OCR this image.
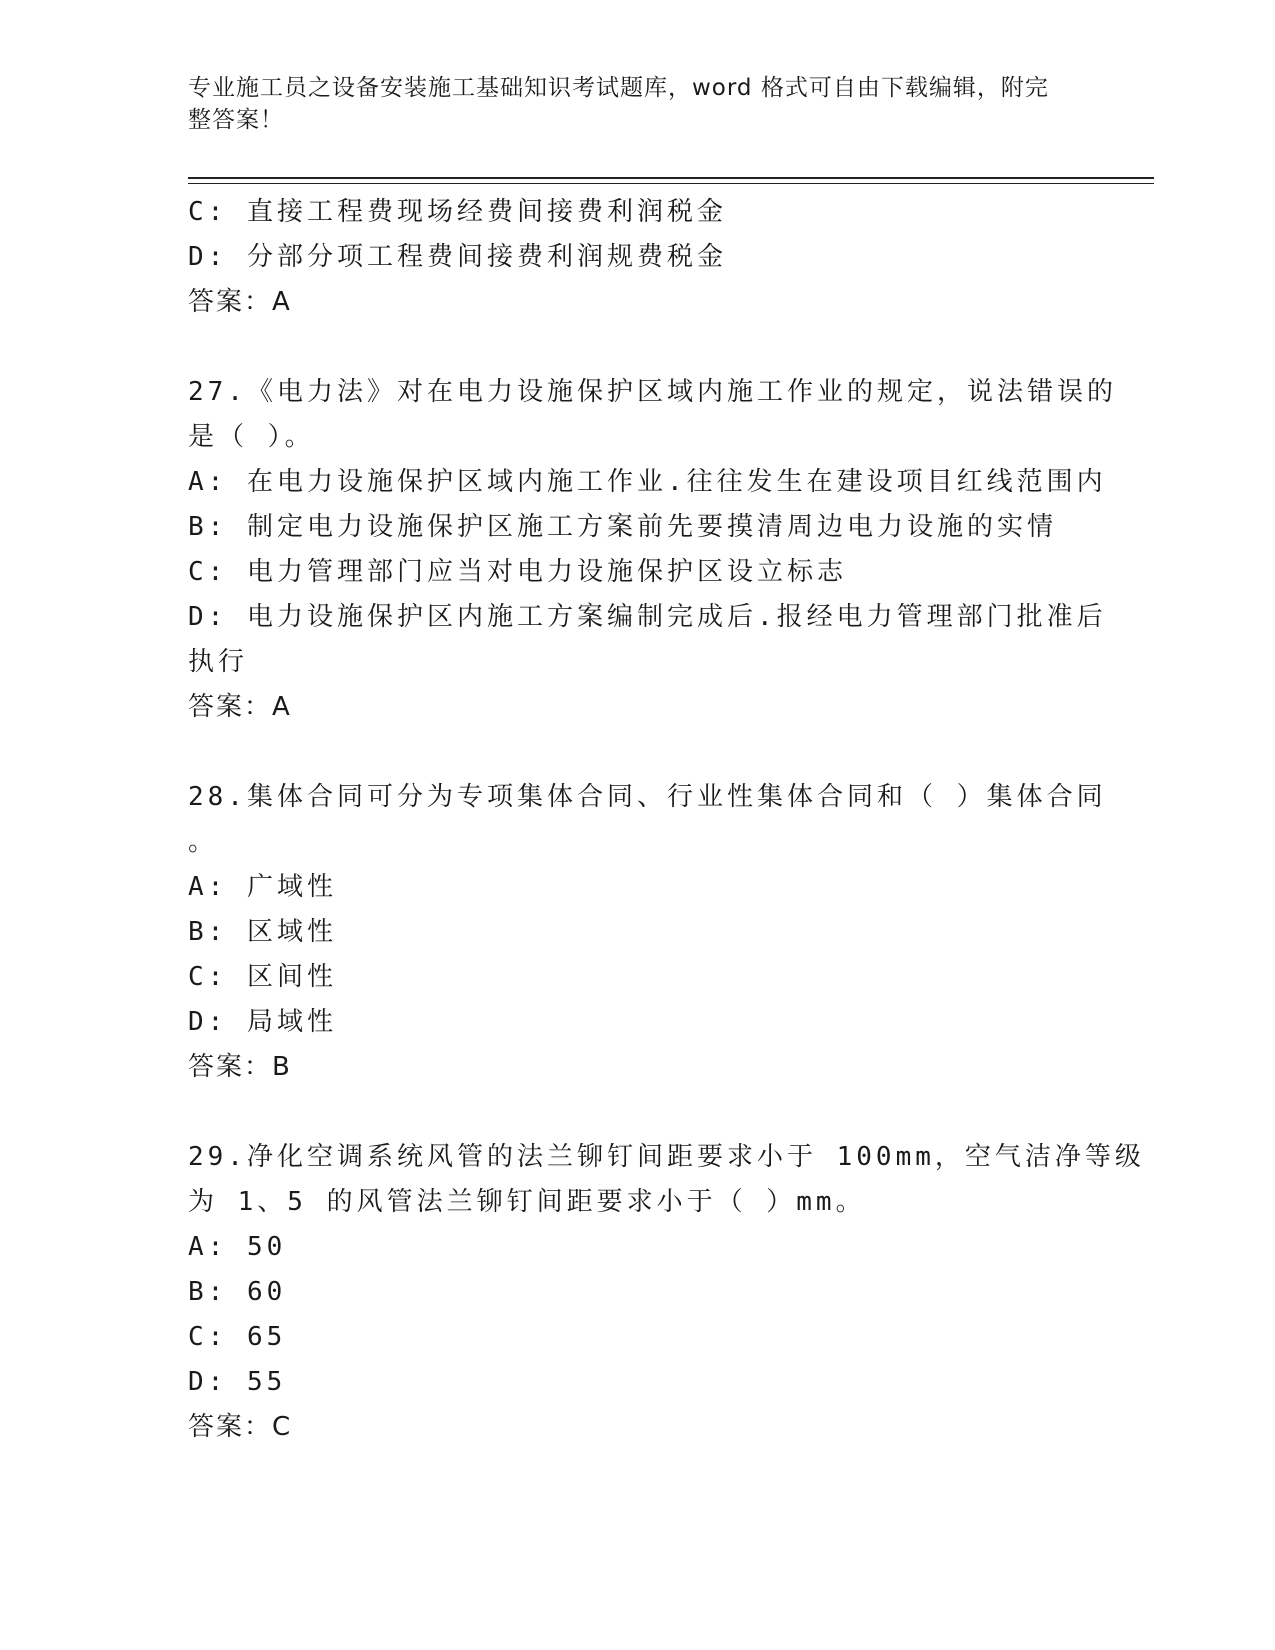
专业施工员之设备安装施工基础知识考试题库，word 格式可自由下载编辑，附完
整答案！
C: 直接工程费现场经费间接费利润税金
D: 分部分项工程费间接费利润规费税金
答案：A
27.《电力法》对在电力设施保护区域内施工作业的规定，说法错误的
是（ ）。
A: 在电力设施保护区域内施工作业.往往发生在建设项目红线范围内
B: 制定电力设施保护区施工方案前先要摸清周边电力设施的实情
C: 电力管理部门应当对电力设施保护区设立标志
D: 电力设施保护区内施工方案编制完成后.报经电力管理部门批准后
执行
答案：A
28.集体合同可分为专项集体合同、行业性集体合同和（ ）集体合同
。
A: 广域性
B: 区域性
C: 区间性
D: 局域性
答案：B
29.净化空调系统风管的法兰铆钉间距要求小于 100mm，空气洁净等级
为 1、5 的风管法兰铆钉间距要求小于（ ）mm。
A: 50
B: 60
C: 65
D: 55
答案：C
